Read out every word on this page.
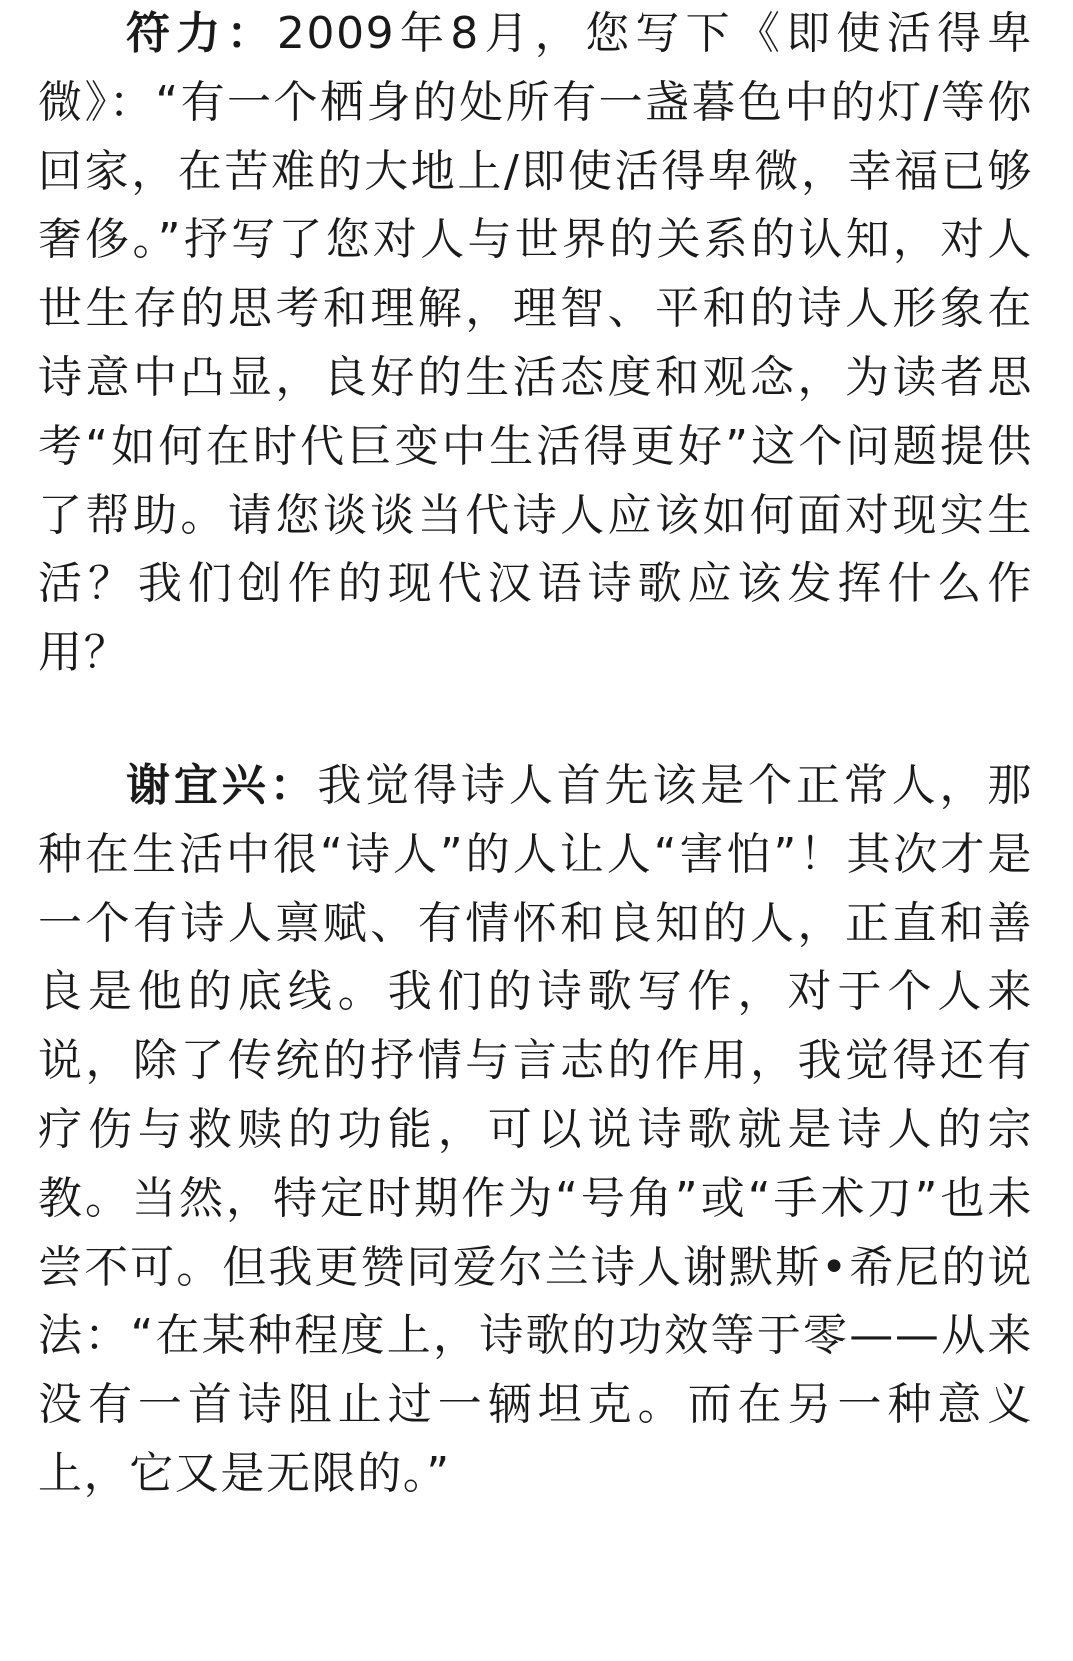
符力：2009年8月，您写下《即使活得卑微》：“有一个栖身的处所有一盏暮色中的灯/等你回家，在苦难的大地上/即使活得卑微，幸福已够奢侈。”抒写了您对人与世界的关系的认知，对人世生存的思考和理解，理智、平和的诗人形象在诗意中凸显，良好的生活态度和观念，为读者思考“如何在时代巨变中生活得更好”这个问题提供了帮助。请您谈谈当代诗人应该如何面对现实生活？我们创作的现代汉语诗歌应该发挥什么作用？

谢宜兴：我觉得诗人首先该是个正常人，那种在生活中很“诗人”的人让人“害怕”！其次才是一个有诗人禀赋、有情怀和良知的人，正直和善良是他的底线。我们的诗歌写作，对于个人来说，除了传统的抒情与言志的作用，我觉得还有疗伤与救赎的功能，可以说诗歌就是诗人的宗教。当然，特定时期作为“号角”或“手术刀”也未尝不可。但我更赞同爱尔兰诗人谢默斯•希尼的说法：“在某种程度上，诗歌的功效等于零——从来没有一首诗阻止过一辆坦克。而在另一种意义上，它又是无限的。”
